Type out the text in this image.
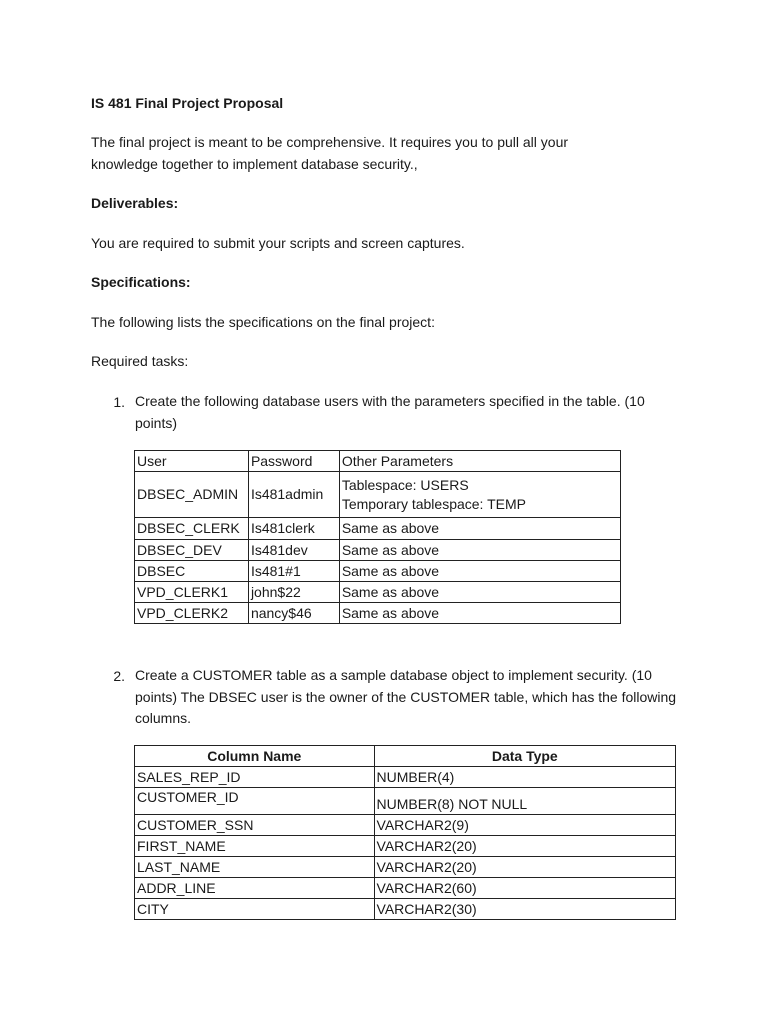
IS 481 Final Project Proposal
The final project is meant to be comprehensive. It requires you to pull all your
knowledge together to implement database security.,
Deliverables:
You are required to submit your scripts and screen captures.
Specifications:
The following lists the specifications on the final project:
Required tasks:
1. Create the following database users with the parameters specified in the table. (10 points)
User	Password	Other Parameters
DBSEC_ADMIN	Is481admin	Tablespace: USERS
Temporary tablespace: TEMP

DBSEC_CLERK	Is481clerk	Same as above
DBSEC_DEV	Is481dev	Same as above
DBSEC	Is481#1	Same as above
VPD_CLERK1	john$22	Same as above
VPD_CLERK2	nancy$46	Same as above
2. Create a CUSTOMER table as a sample database object to implement security. (10 points) The DBSEC user is the owner of the CUSTOMER table, which has the following columns.
Column Name	Data Type
SALES_REP_ID	NUMBER(4)
CUSTOMER_ID	NUMBER(8) NOT NULL
CUSTOMER_SSN	VARCHAR2(9)
FIRST_NAME	VARCHAR2(20)
LAST_NAME	VARCHAR2(20)
ADDR_LINE	VARCHAR2(60)
CITY	VARCHAR2(30)
